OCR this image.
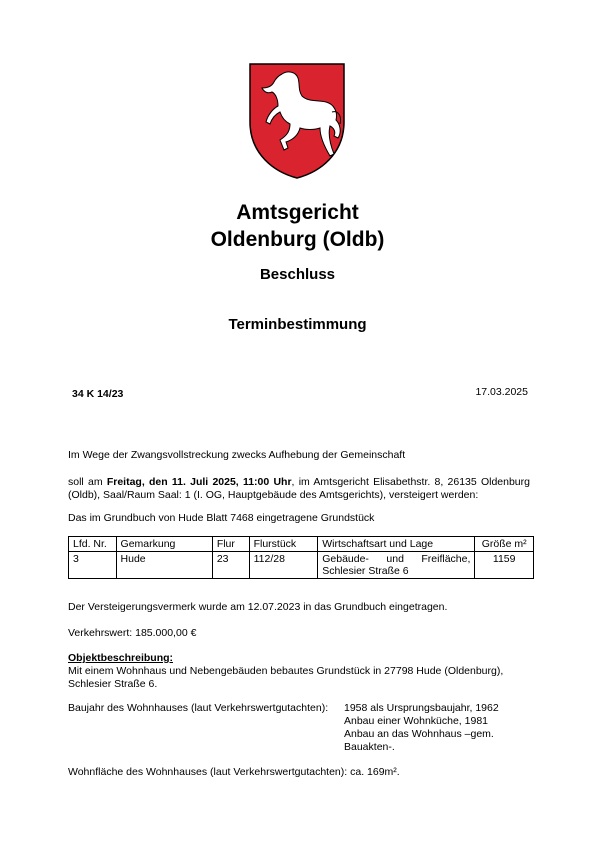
Amtsgericht
Oldenburg (Oldb)
Beschluss
Terminbestimmung
34 K 14/23	17.03.2025
Im Wege der Zwangsvollstreckung zwecks Aufhebung der Gemeinschaft
soll am Freitag, den 11. Juli 2025, 11:00 Uhr, im Amtsgericht Elisabethstr. 8, 26135 Oldenburg (Oldb), Saal/Raum Saal: 1 (I. OG, Hauptgebäude des Amtsgerichts), versteigert werden:
Das im Grundbuch von Hude Blatt 7468 eingetragene Grundstück
Lfd. Nr.	Gemarkung	Flur	Flurstück	Wirtschaftsart und Lage	Größe m²
3	Hude	23	112/28	Gebäude- und Freifläche, Schlesier Straße 6	1159
Der Versteigerungsvermerk wurde am 12.07.2023 in das Grundbuch eingetragen.
Verkehrswert: 185.000,00 €
Objektbeschreibung:
Mit einem Wohnhaus und Nebengebäuden bebautes Grundstück in 27798 Hude (Oldenburg),
Schlesier Straße 6.
Baujahr des Wohnhauses (laut Verkehrswertgutachten): 1958 als Ursprungsbaujahr, 1962
Anbau einer Wohnküche, 1981
Anbau an das Wohnhaus –gem.
Bauakten-.
Wohnfläche des Wohnhauses (laut Verkehrswertgutachten): ca. 169m².
